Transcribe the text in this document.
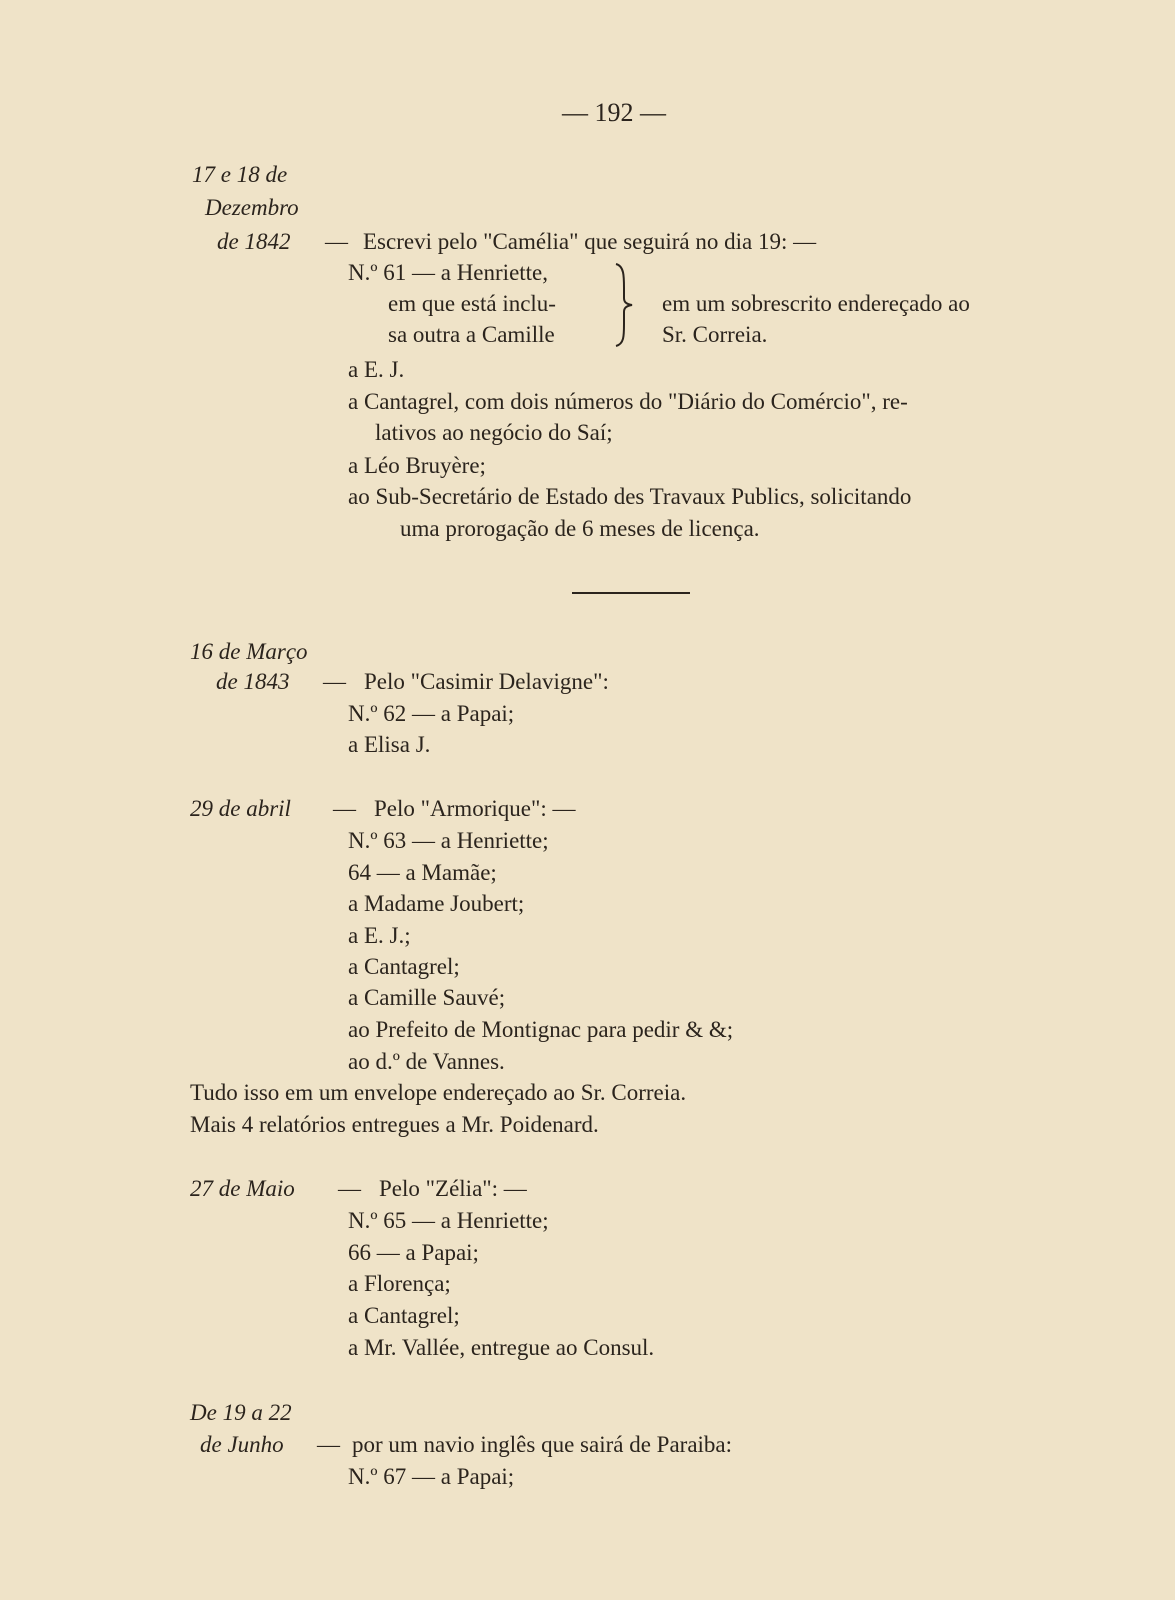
— 192 —
17 e 18 de
Dezembro
de 1842 — Escrevi pelo "Camélia" que seguirá no dia 19: —
N.º 61 — a Henriette,
em que está inclu-
sa outra a Camille
em um sobrescrito endereçado ao
Sr. Correia.
a E. J.
a Cantagrel, com dois números do "Diário do Comércio", re-
lativos ao negócio do Saí;
a Léo Bruyère;
ao Sub-Secretário de Estado des Travaux Publics, solicitando
uma prorogação de 6 meses de licença.
16 de Março
de 1843 — Pelo "Casimir Delavigne":
N.º 62 — a Papai;
a Elisa J.
29 de abril — Pelo "Armorique": —
N.º 63 — a Henriette;
64 — a Mamãe;
a Madame Joubert;
a E. J.;
a Cantagrel;
a Camille Sauvé;
ao Prefeito de Montignac para pedir & &;
ao d.º de Vannes.
Tudo isso em um envelope endereçado ao Sr. Correia.
Mais 4 relatórios entregues a Mr. Poidenard.
27 de Maio — Pelo "Zélia": —
N.º 65 — a Henriette;
66 — a Papai;
a Florença;
a Cantagrel;
a Mr. Vallée, entregue ao Consul.
De 19 a 22
de Junho — por um navio inglês que sairá de Paraiba:
N.º 67 — a Papai;
